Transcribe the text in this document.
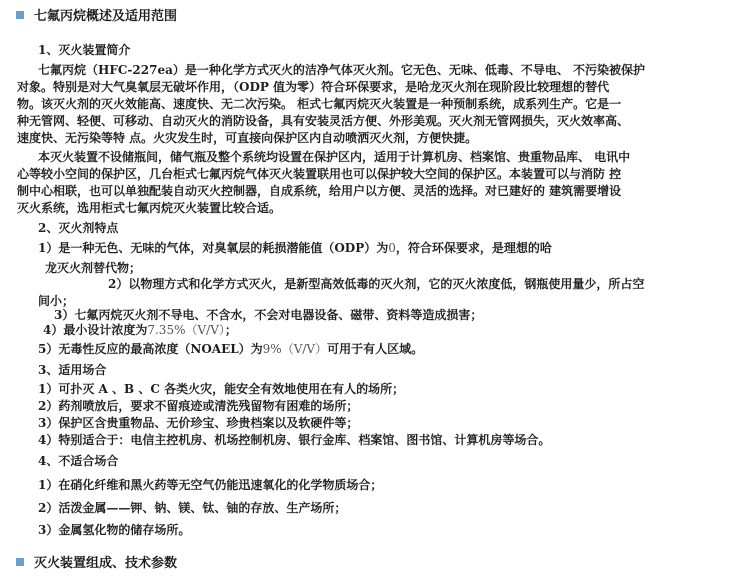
七氟丙烷概述及适用范围
1、灭火装置简介
七氟丙烷（HFC-227ea）是一种化学方式灭火的洁净气体灭火剂。它无色、无味、低毒、不导电、 不污染被保护
对象。特别是对大气臭氧层无破坏作用，（ODP 值为零）符合环保要求，是哈龙灭火剂在现阶段比较理想的替代
物。该灭火剂的灭火效能高、速度快、无二次污染。 柜式七氟丙烷灭火装置是一种预制系统，成系列生产。它是一
种无管网、轻便、可移动、自动灭火的消防设备，具有安装灵活方便、外形美观。灭火剂无管网损失，灭火效率高、
速度快、无污染等特 点。火灾发生时，可直接向保护区内自动喷洒灭火剂，方便快捷。
本灭火装置不设储瓶间，储气瓶及整个系统均设置在保护区内，适用于计算机房、档案馆、贵重物品库、 电讯中
心等较小空间的保护区，几台柜式七氟丙烷气体灭火装置联用也可以保护较大空间的保护区。本装置可以与消防 控
制中心相联，也可以单独配装自动灭火控制器，自成系统，给用户以方便、灵活的选择。对已建好的 建筑需要增设
灭火系统，选用柜式七氟丙烷灭火装置比较合适。
2、灭火剂特点
1）是一种无色、无味的气体，对臭氧层的耗损潜能值（ODP）为0，符合环保要求，是理想的哈
龙灭火剂替代物；
2）以物理方式和化学方式灭火，是新型高效低毒的灭火剂，它的灭火浓度低，钢瓶使用量少，所占空
间小；
3）七氟丙烷灭火剂不导电、不含水，不会对电器设备、磁带、资料等造成损害；
4）最小设计浓度为7.35%（V/V）；
5）无毒性反应的最高浓度（NOAEL）为9%（V/V）可用于有人区域。
3、适用场合
1）可扑灭 A 、B 、C 各类火灾，能安全有效地使用在有人的场所；
2）药剂喷放后，要求不留痕迹或清洗残留物有困难的场所；
3）保护区含贵重物品、无价珍宝、珍贵档案以及软硬件等；
4）特别适合于：电信主控机房、机场控制机房、银行金库、档案馆、图书馆、计算机房等场合。
4、不适合场合
1）在硝化纤维和黑火药等无空气仍能迅速氧化的化学物质场合；
2）活泼金属——钾、钠、镁、钛、铀的存放、生产场所；
3）金属氢化物的储存场所。
灭火装置组成、技术参数
